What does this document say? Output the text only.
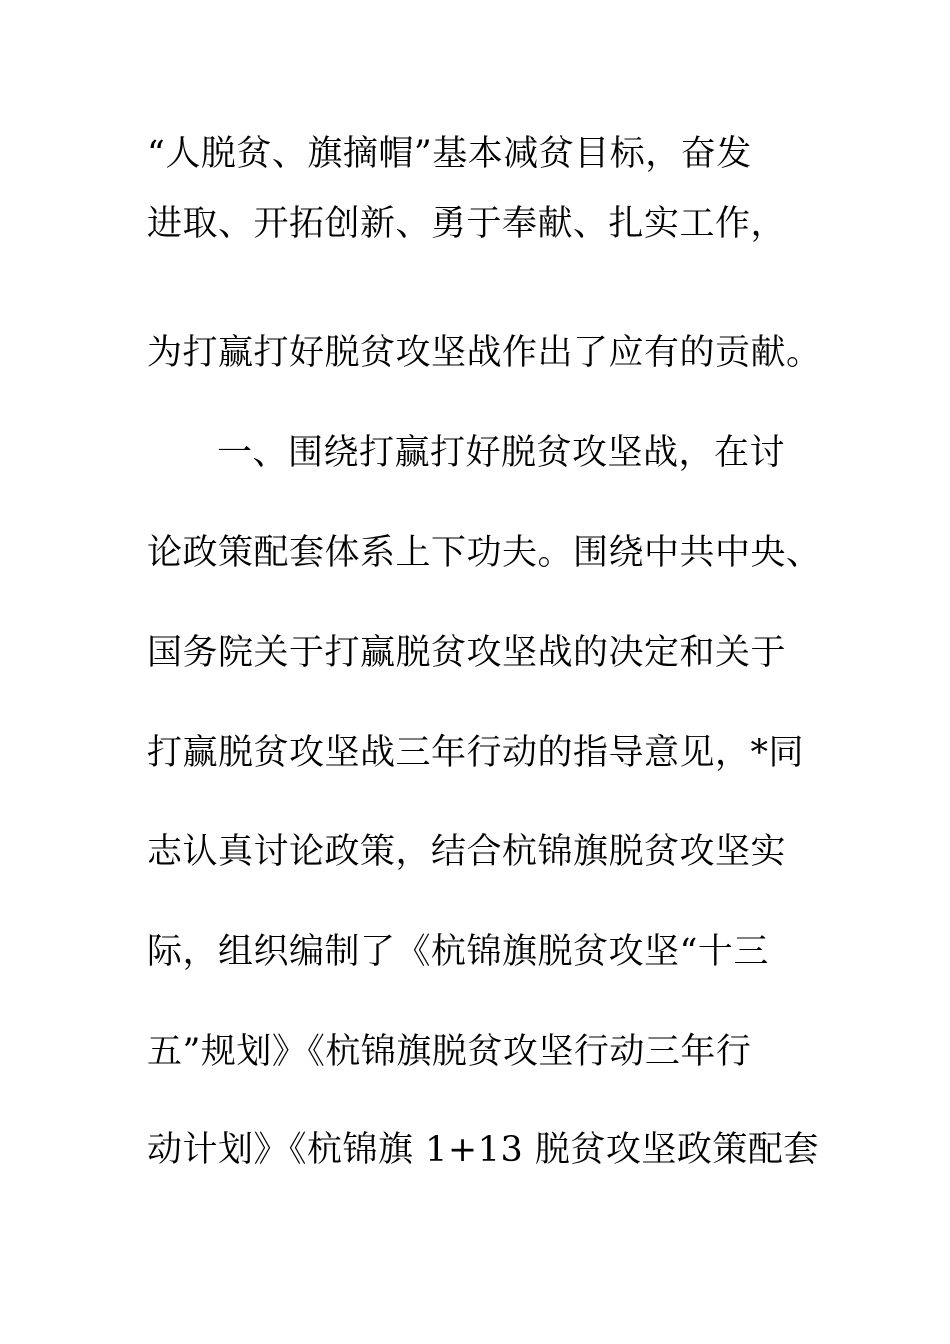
“人脱贫、旗摘帽”基本减贫目标，奋发
进取、开拓创新、勇于奉献、扎实工作，
为打赢打好脱贫攻坚战作出了应有的贡献。
一、围绕打赢打好脱贫攻坚战，在讨
论政策配套体系上下功夫。围绕中共中央、
国务院关于打赢脱贫攻坚战的决定和关于
打赢脱贫攻坚战三年行动的指导意见，*同
志认真讨论政策，结合杭锦旗脱贫攻坚实
际，组织编制了《杭锦旗脱贫攻坚“十三
五”规划》《杭锦旗脱贫攻坚行动三年行
动计划》《杭锦旗 1+13 脱贫攻坚政策配套
